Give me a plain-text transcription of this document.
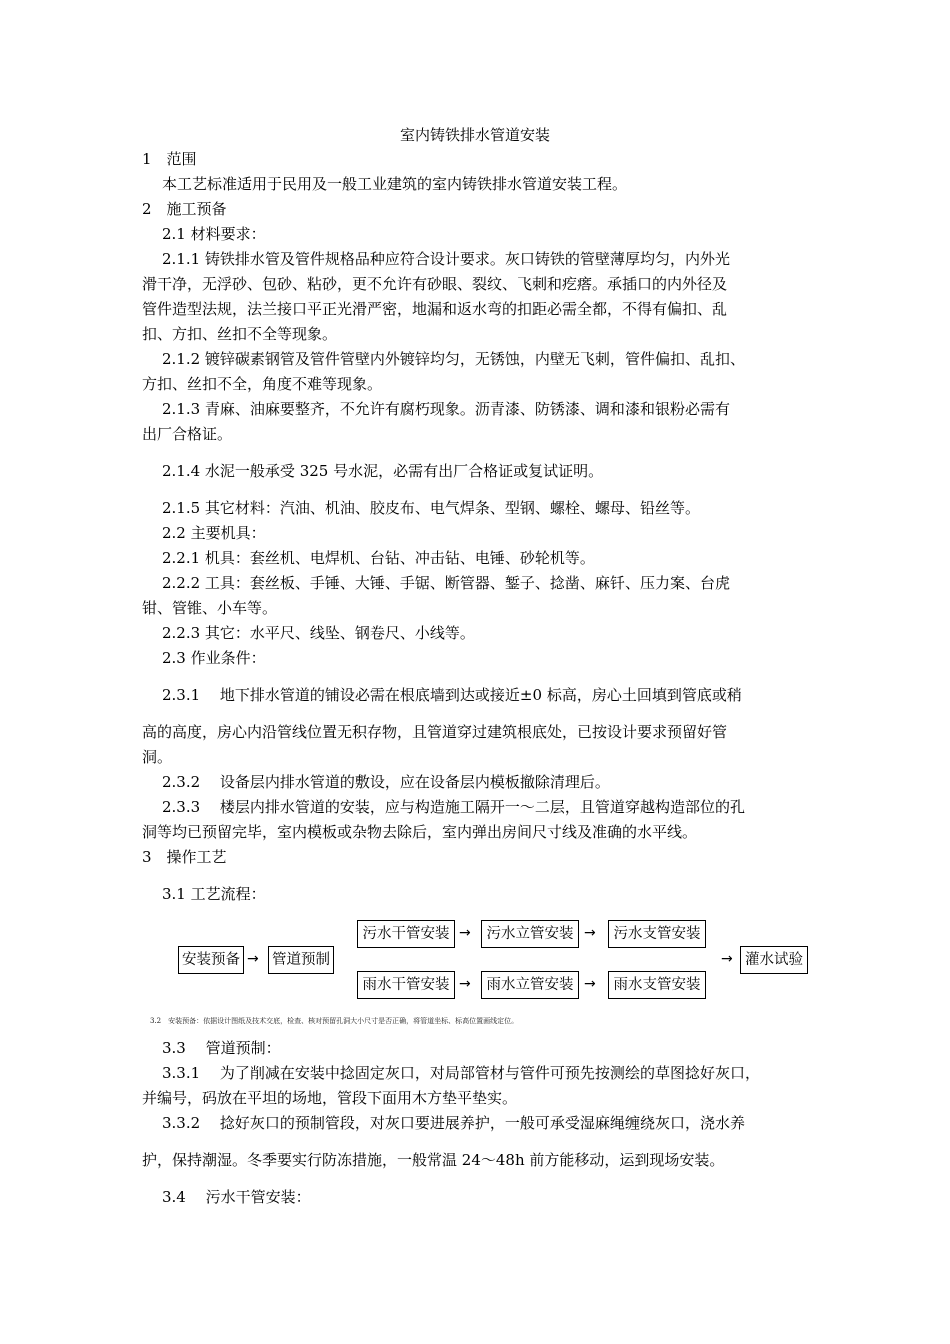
室内铸铁排水管道安装
1　范围
本工艺标准适用于民用及一般工业建筑的室内铸铁排水管道安装工程。
2　施工预备
2.1 材料要求：
2.1.1 铸铁排水管及管件规格品种应符合设计要求。灰口铸铁的管壁薄厚均匀，内外光
滑干净，无浮砂、包砂、粘砂，更不允许有砂眼、裂纹、飞刺和疙瘩。承插口的内外径及
管件造型法规，法兰接口平正光滑严密，地漏和返水弯的扣距必需全都，不得有偏扣、乱
扣、方扣、丝扣不全等现象。
2.1.2 镀锌碳素钢管及管件管壁内外镀锌均匀，无锈蚀，内壁无飞刺，管件偏扣、乱扣、
方扣、丝扣不全，角度不难等现象。
2.1.3 青麻、油麻要整齐，不允许有腐朽现象。沥青漆、防锈漆、调和漆和银粉必需有
出厂合格证。
2.1.4 水泥一般承受 325 号水泥，必需有出厂合格证或复试证明。
2.1.5 其它材料：汽油、机油、胶皮布、电气焊条、型钢、螺栓、螺母、铅丝等。
2.2 主要机具：
2.2.1 机具：套丝机、电焊机、台钻、冲击钻、电锤、砂轮机等。
2.2.2 工具：套丝板、手锤、大锤、手锯、断管器、錾子、捻凿、麻钎、压力案、台虎
钳、管锥、小车等。
2.2.3 其它：水平尺、线坠、钢卷尺、小线等。
2.3 作业条件：
2.3.1　 地下排水管道的铺设必需在根底墙到达或接近±0 标高，房心土回填到管底或稍
高的高度，房心内沿管线位置无积存物，且管道穿过建筑根底处，已按设计要求预留好管
洞。
2.3.2　 设备层内排水管道的敷设，应在设备层内模板撤除清理后。
2.3.3　 楼层内排水管道的安装，应与构造施工隔开一～二层，且管道穿越构造部位的孔
洞等均已预留完毕，室内模板或杂物去除后，室内弹出房间尺寸线及准确的水平线。
3　操作工艺
3.1 工艺流程：
安装预备 → 管道预制
污水干管安装 →	污水立管安装 →	污水支管安装
→ 灌水试验
雨水干管安装 →	雨水立管安装 →	雨水支管安装
3.2　安装预备：依据设计图纸及技术交底，检查、核对预留孔洞大小尺寸是否正确，将管道坐标、标高位置画线定位。
3.3　 管道预制：
3.3.1　 为了削减在安装中捻固定灰口，对局部管材与管件可预先按测绘的草图捻好灰口，
并编号，码放在平坦的场地，管段下面用木方垫平垫实。
3.3.2　 捻好灰口的预制管段，对灰口要进展养护，一般可承受湿麻绳缠绕灰口，浇水养
护，保持潮湿。冬季要实行防冻措施，一般常温 24～48h 前方能移动，运到现场安装。
3.4　 污水干管安装：
